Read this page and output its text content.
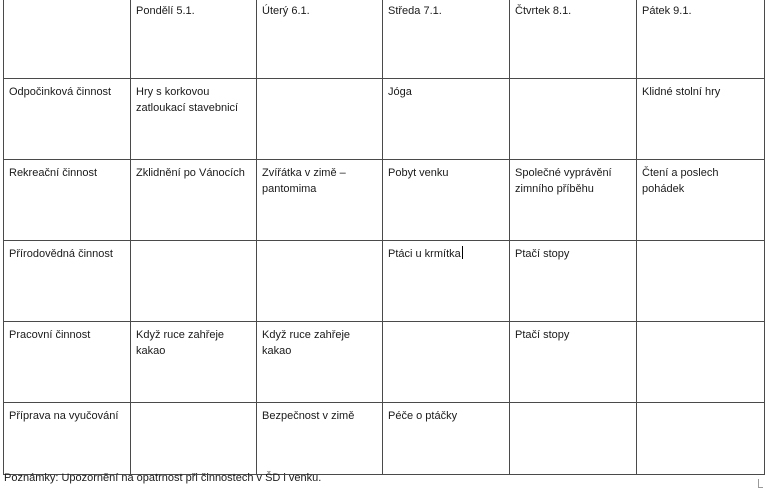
	Pondělí 5.1.	Úterý 6.1.	Středa 7.1.	Čtvrtek 8.1.	Pátek 9.1.
Odpočinková činnost	Hry s korkovou zatloukací stavebnicí		Jóga		Klidné stolní hry
Rekreační činnost	Zklidnění po Vánocích	Zvířátka v zimě – pantomima	Pobyt venku	Společné vyprávění zimního příběhu	Čtení a poslech pohádek
Přírodovědná činnost			Ptáci u krmítka	Ptačí stopy	
Pracovní činnost	Když ruce zahřeje kakao	Když ruce zahřeje kakao		Ptačí stopy	
Příprava na vyučování		Bezpečnost v zimě	Péče o ptáčky		
Poznámky: Upozornění na opatrnost při činnostech v ŠD i venku.
